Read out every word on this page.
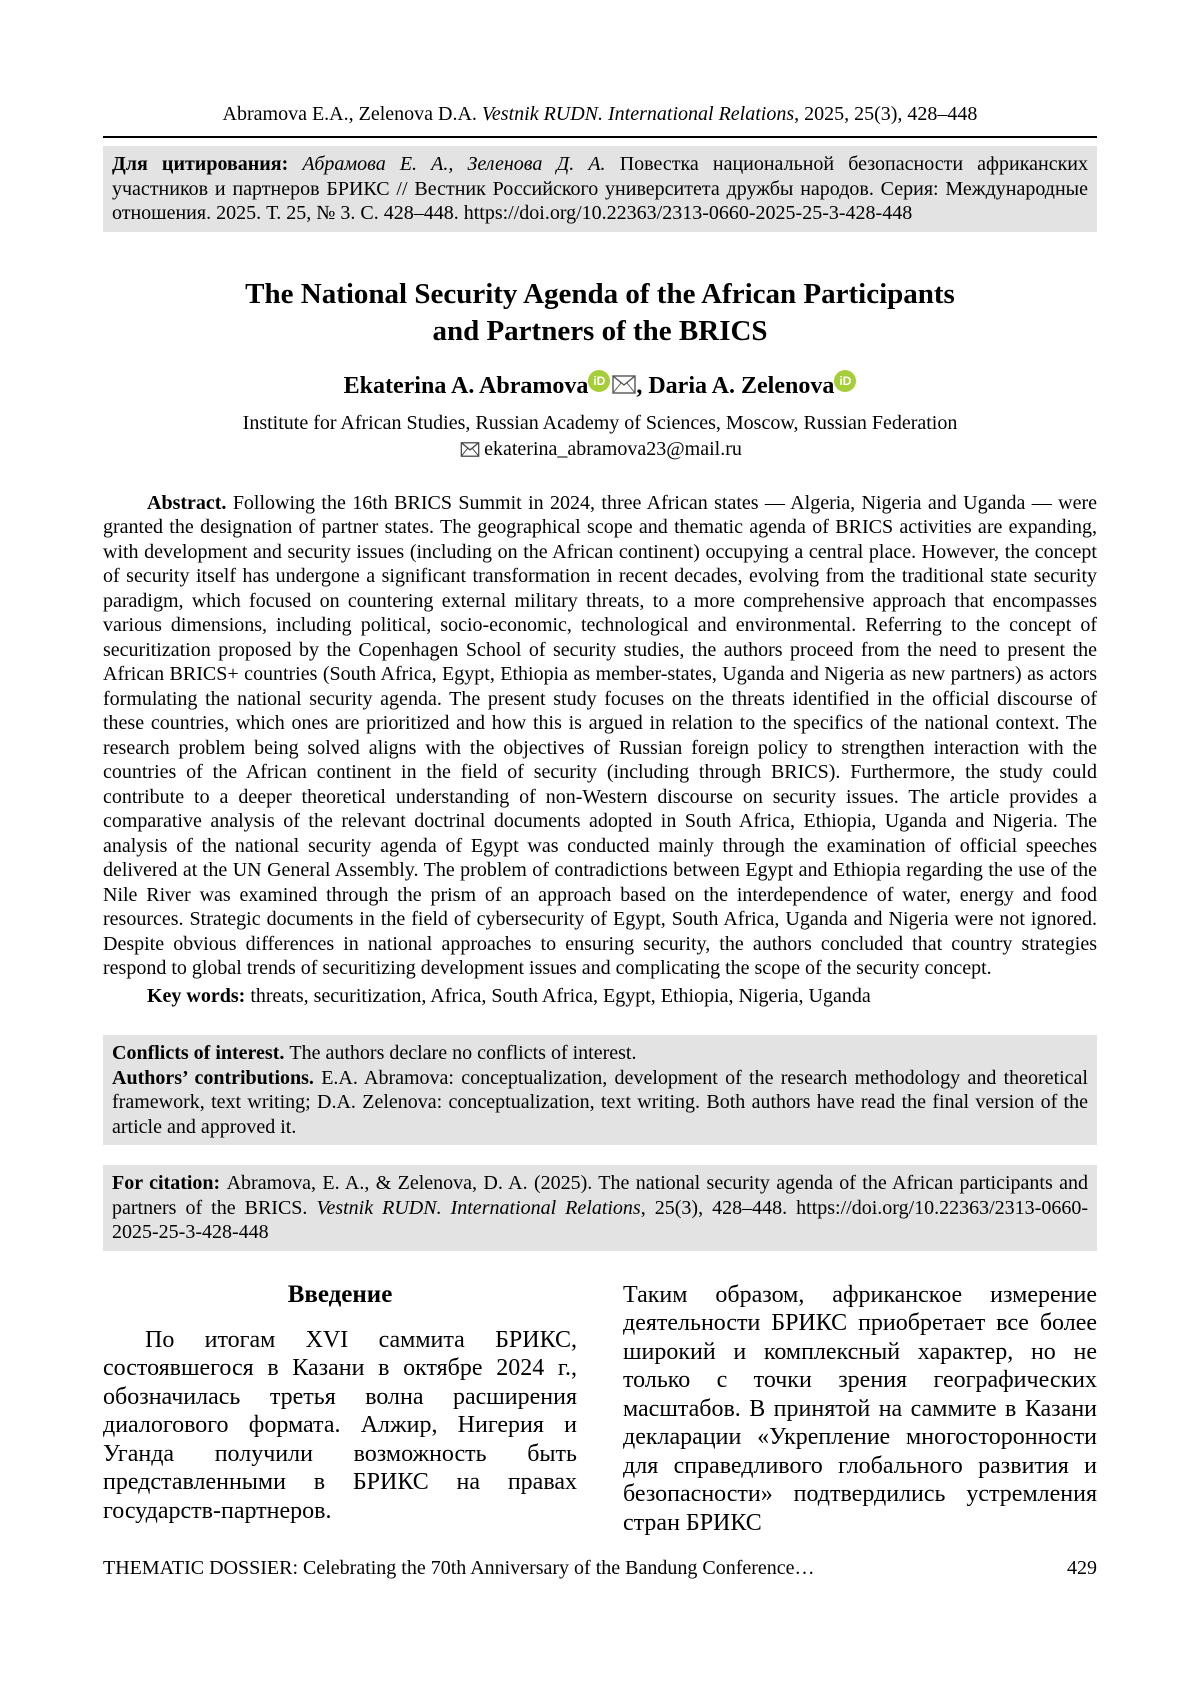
Abramova E.A., Zelenova D.A. Vestnik RUDN. International Relations, 2025, 25(3), 428–448

Для цитирования: Абрамова Е. А., Зеленова Д. А. Повестка национальной безопасности африканских участников и партнеров БРИКС // Вестник Российского университета дружбы народов. Серия: Международные отношения. 2025. Т. 25, № 3. С. 428–448. https://doi.org/10.22363/2313-0660-2025-25-3-428-448

The National Security Agenda of the African Participants
and Partners of the BRICS
Ekaterina A. Abramova iD , Daria A. Zelenova iD
Institute for African Studies, Russian Academy of Sciences, Moscow, Russian Federation
ekaterina_abramova23@mail.ru

Abstract. Following the 16th BRICS Summit in 2024, three African states — Algeria, Nigeria and Uganda — were granted the designation of partner states. The geographical scope and thematic agenda of BRICS activities are expanding, with development and security issues (including on the African continent) occupying a central place. However, the concept of security itself has undergone a significant transformation in recent decades, evolving from the traditional state security paradigm, which focused on countering external military threats, to a more comprehensive approach that encompasses various dimensions, including political, socio-economic, technological and environmental. Referring to the concept of securitization proposed by the Copenhagen School of security studies, the authors proceed from the need to present the African BRICS+ countries (South Africa, Egypt, Ethiopia as member-states, Uganda and Nigeria as new partners) as actors formulating the national security agenda. The present study focuses on the threats identified in the official discourse of these countries, which ones are prioritized and how this is argued in relation to the specifics of the national context. The research problem being solved aligns with the objectives of Russian foreign policy to strengthen interaction with the countries of the African continent in the field of security (including through BRICS). Furthermore, the study could contribute to a deeper theoretical understanding of non-Western discourse on security issues. The article provides a comparative analysis of the relevant doctrinal documents adopted in South Africa, Ethiopia, Uganda and Nigeria. The analysis of the national security agenda of Egypt was conducted mainly through the examination of official speeches delivered at the UN General Assembly. The problem of contradictions between Egypt and Ethiopia regarding the use of the Nile River was examined through the prism of an approach based on the interdependence of water, energy and food resources. Strategic documents in the field of cybersecurity of Egypt, South Africa, Uganda and Nigeria were not ignored. Despite obvious differences in national approaches to ensuring security, the authors concluded that country strategies respond to global trends of securitizing development issues and complicating the scope of the security concept.

Key words: threats, securitization, Africa, South Africa, Egypt, Ethiopia, Nigeria, Uganda

Conflicts of interest. The authors declare no conflicts of interest.

Authors’ contributions. E.A. Abramova: conceptualization, development of the research methodology and theoretical framework, text writing; D.A. Zelenova: conceptualization, text writing. Both authors have read the final version of the article and approved it.

For citation: Abramova, E. A., & Zelenova, D. A. (2025). The national security agenda of the African participants and partners of the BRICS. Vestnik RUDN. International Relations, 25(3), 428–448. https://doi.org/10.22363/2313-0660-2025-25-3-428-448

Введение

По итогам XVI саммита БРИКС, состоявшегося в Казани в октябре 2024 г., обозначилась третья волна расширения диалогового формата. Алжир, Нигерия и Уганда получили возможность быть представленными в БРИКС на правах государств-партнеров.

Таким образом, африканское измерение деятельности БРИКС приобретает все более широкий и комплексный характер, но не только с точки зрения географических масштабов. В принятой на саммите в Казани декларации «Укрепление многосторонности для справедливого глобального развития и безопасности» подтвердились устремления стран БРИКС

THEMATIC DOSSIER: Celebrating the 70th Anniversary of the Bandung Conference…	429
